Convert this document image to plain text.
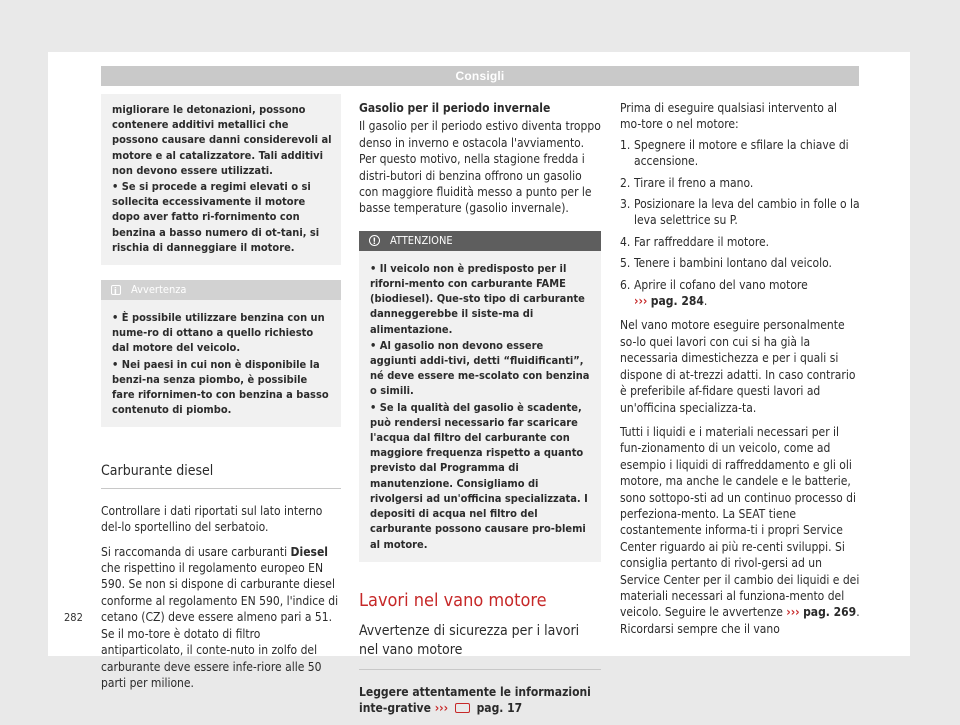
Consigli

migliorare le detonazioni, possono contenere additivi metallici che possono causare danni considerevoli al motore e al catalizzatore. Tali additivi non devono essere utilizzati.

• Se si procede a regimi elevati o si sollecita eccessivamente il motore dopo aver fatto ri-fornimento con benzina a basso numero di ot-tani, si rischia di danneggiare il motore.

i
Avvertenza

• È possibile utilizzare benzina con un nume-ro di ottano a quello richiesto dal motore del veicolo.

• Nei paesi in cui non è disponibile la benzi-na senza piombo, è possibile fare rifornimen-to con benzina a basso contenuto di piombo.

Carburante diesel

Controllare i dati riportati sul lato interno del-lo sportellino del serbatoio.

Si raccomanda di usare carburanti Diesel che rispettino il regolamento europeo EN 590. Se non si dispone di carburante diesel conforme al regolamento EN 590, l'indice di cetano (CZ) deve essere almeno pari a 51. Se il mo-tore è dotato di filtro antiparticolato, il conte-nuto in zolfo del carburante deve essere infe-riore alle 50 parti per milione.

Gasolio per il periodo invernale

Il gasolio per il periodo estivo diventa troppo denso in inverno e ostacola l'avviamento. Per questo motivo, nella stagione fredda i distri-butori di benzina offrono un gasolio con maggiore fluidità messo a punto per le basse temperature (gasolio invernale).

!
ATTENZIONE

• Il veicolo non è predisposto per il riforni-mento con carburante FAME (biodiesel). Que-sto tipo di carburante danneggerebbe il siste-ma di alimentazione.

• Al gasolio non devono essere aggiunti addi-tivi, detti “fluidificanti”, né deve essere me-scolato con benzina o simili.

• Se la qualità del gasolio è scadente, può rendersi necessario far scaricare l'acqua dal filtro del carburante con maggiore frequenza rispetto a quanto previsto dal Programma di manutenzione. Consigliamo di rivolgersi ad un'officina specializzata. I depositi di acqua nel filtro del carburante possono causare pro-blemi al motore.

Lavori nel vano motore
Avvertenze di sicurezza per i lavori nel vano motore

Leggere attentamente le informazioni inte-grative ››› pag. 17

Prima di eseguire qualsiasi intervento al mo-tore o nel motore:

1. Spegnere il motore e sfilare la chiave di accensione.
2. Tirare il freno a mano.
3. Posizionare la leva del cambio in folle o la leva selettrice su P.
4. Far raffreddare il motore.
5. Tenere i bambini lontano dal veicolo.
6. Aprire il cofano del vano motore
››› pag. 284.

Nel vano motore eseguire personalmente so-lo quei lavori con cui si ha già la necessaria dimestichezza e per i quali si dispone di at-trezzi adatti. In caso contrario è preferibile af-fidare questi lavori ad un'officina specializza-ta.

Tutti i liquidi e i materiali necessari per il fun-zionamento di un veicolo, come ad esempio i liquidi di raffreddamento e gli oli motore, ma anche le candele e le batterie, sono sottopo-sti ad un continuo processo di perfeziona-mento. La SEAT tiene costantemente informa-ti i propri Service Center riguardo ai più re-centi sviluppi. Si consiglia pertanto di rivol-gersi ad un Service Center per il cambio dei liquidi e dei materiali necessari al funziona-mento del veicolo. Seguire le avvertenze ››› pag. 269. Ricordarsi sempre che il vano

282
